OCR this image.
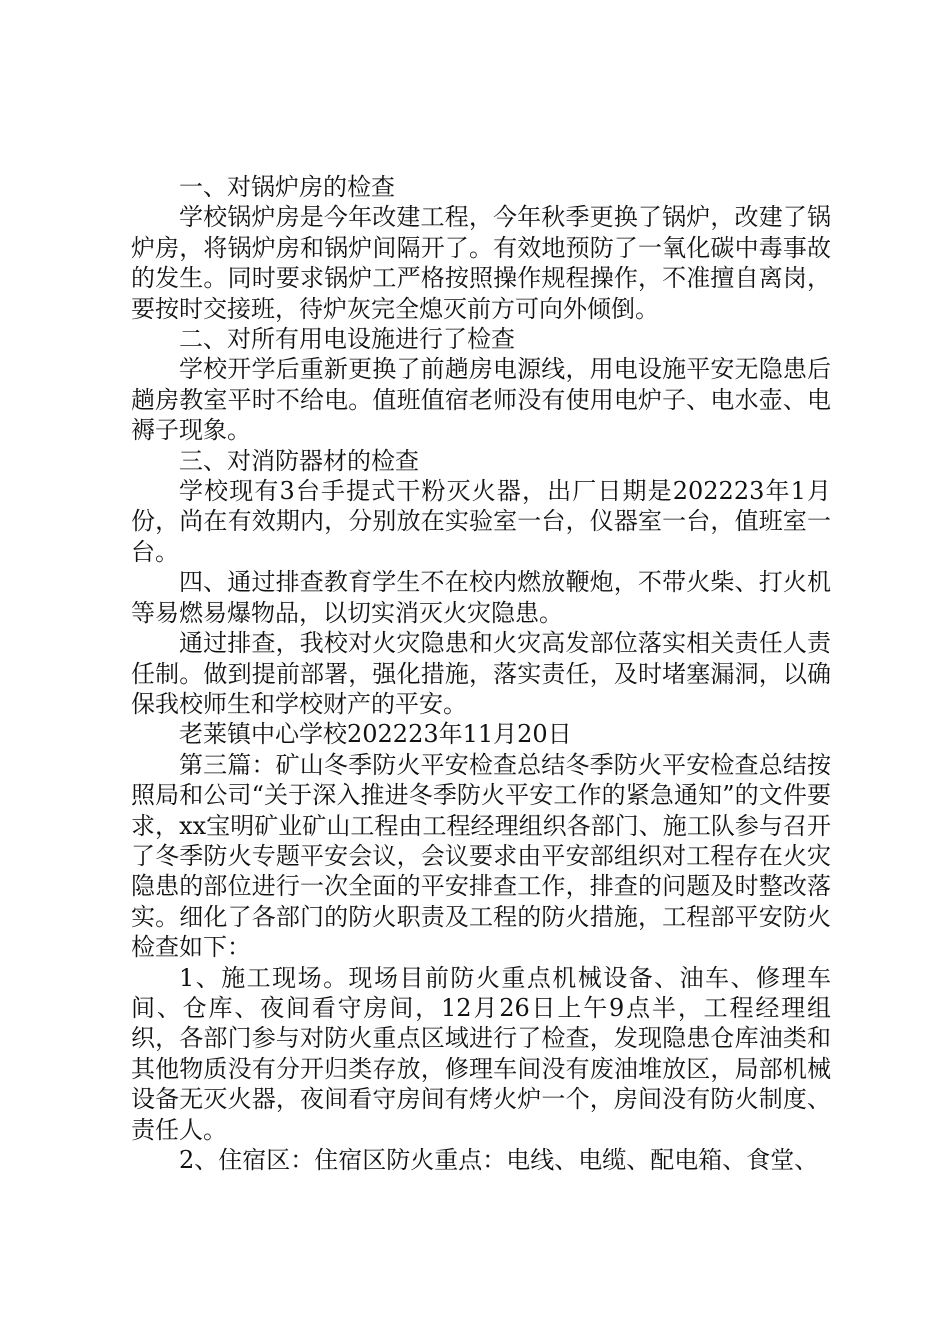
一、对锅炉房的检查

学校锅炉房是今年改建工程，今年秋季更换了锅炉，改建了锅炉房，将锅炉房和锅炉间隔开了。有效地预防了一氧化碳中毒事故的发生。同时要求锅炉工严格按照操作规程操作，不准擅自离岗，要按时交接班，待炉灰完全熄灭前方可向外倾倒。

二、对所有用电设施进行了检查

学校开学后重新更换了前趟房电源线，用电设施平安无隐患后趟房教室平时不给电。值班值宿老师没有使用电炉子、电水壶、电褥子现象。

三、对消防器材的检查

学校现有3台手提式干粉灭火器，出厂日期是202223年1月份，尚在有效期内，分别放在实验室一台，仪器室一台，值班室一台。

四、通过排查教育学生不在校内燃放鞭炮，不带火柴、打火机等易燃易爆物品，以切实消灭火灾隐患。

通过排查，我校对火灾隐患和火灾高发部位落实相关责任人责任制。做到提前部署，强化措施，落实责任，及时堵塞漏洞，以确保我校师生和学校财产的平安。

老莱镇中心学校202223年11月20日

第三篇：矿山冬季防火平安检查总结冬季防火平安检查总结按照局和公司“关于深入推进冬季防火平安工作的紧急通知”的文件要求，xx宝明矿业矿山工程由工程经理组织各部门、施工队参与召开了冬季防火专题平安会议，会议要求由平安部组织对工程存在火灾隐患的部位进行一次全面的平安排查工作，排查的问题及时整改落实。细化了各部门的防火职责及工程的防火措施，工程部平安防火检查如下：

1、施工现场。现场目前防火重点机械设备、油车、修理车间、仓库、夜间看守房间，12月26日上午9点半，工程经理组织，各部门参与对防火重点区域进行了检查，发现隐患仓库油类和其他物质没有分开归类存放，修理车间没有废油堆放区，局部机械设备无灭火器，夜间看守房间有烤火炉一个，房间没有防火制度、责任人。

2、住宿区：住宿区防火重点：电线、电缆、配电箱、食堂、
